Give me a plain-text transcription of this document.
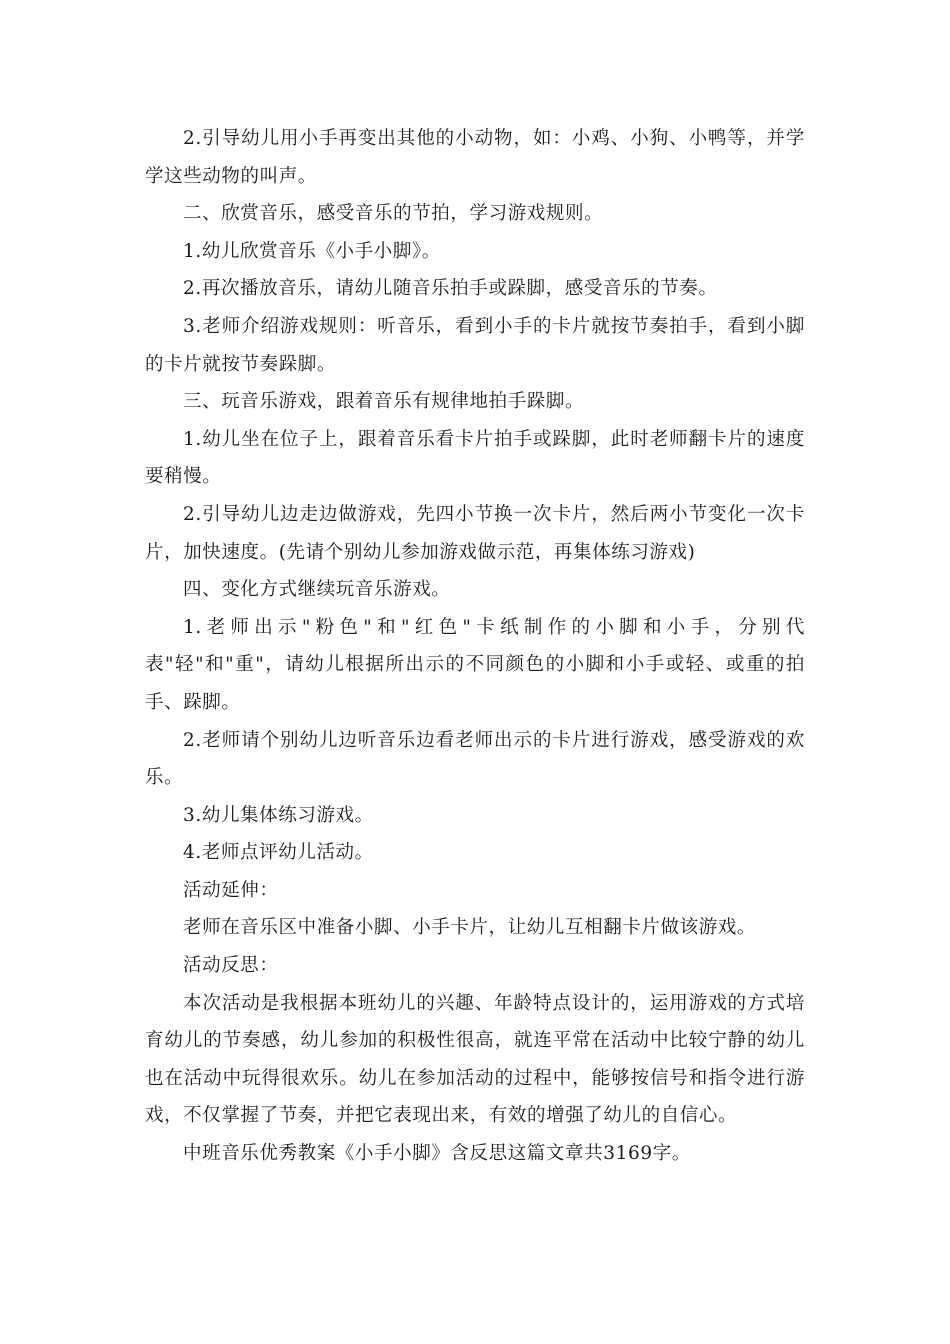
2.引导幼儿用小手再变出其他的小动物，如：小鸡、小狗、小鸭等，并学学这些动物的叫声。

二、欣赏音乐，感受音乐的节拍，学习游戏规则。

1.幼儿欣赏音乐《小手小脚》。

2.再次播放音乐，请幼儿随音乐拍手或跺脚，感受音乐的节奏。

3.老师介绍游戏规则：听音乐，看到小手的卡片就按节奏拍手，看到小脚的卡片就按节奏跺脚。

三、玩音乐游戏，跟着音乐有规律地拍手跺脚。

1.幼儿坐在位子上，跟着音乐看卡片拍手或跺脚，此时老师翻卡片的速度要稍慢。

2.引导幼儿边走边做游戏，先四小节换一次卡片，然后两小节变化一次卡片，加快速度。(先请个别幼儿参加游戏做示范，再集体练习游戏)

四、变化方式继续玩音乐游戏。

1.老师出示"粉色"和"红色"卡纸制作的小脚和小手，分别代表"轻"和"重"，请幼儿根据所出示的不同颜色的小脚和小手或轻、或重的拍手、跺脚。

2.老师请个别幼儿边听音乐边看老师出示的卡片进行游戏，感受游戏的欢乐。

3.幼儿集体练习游戏。

4.老师点评幼儿活动。

活动延伸：

老师在音乐区中准备小脚、小手卡片，让幼儿互相翻卡片做该游戏。

活动反思：

本次活动是我根据本班幼儿的兴趣、年龄特点设计的，运用游戏的方式培育幼儿的节奏感，幼儿参加的积极性很高，就连平常在活动中比较宁静的幼儿也在活动中玩得很欢乐。幼儿在参加活动的过程中，能够按信号和指令进行游戏，不仅掌握了节奏，并把它表现出来，有效的增强了幼儿的自信心。

中班音乐优秀教案《小手小脚》含反思这篇文章共3169字。
